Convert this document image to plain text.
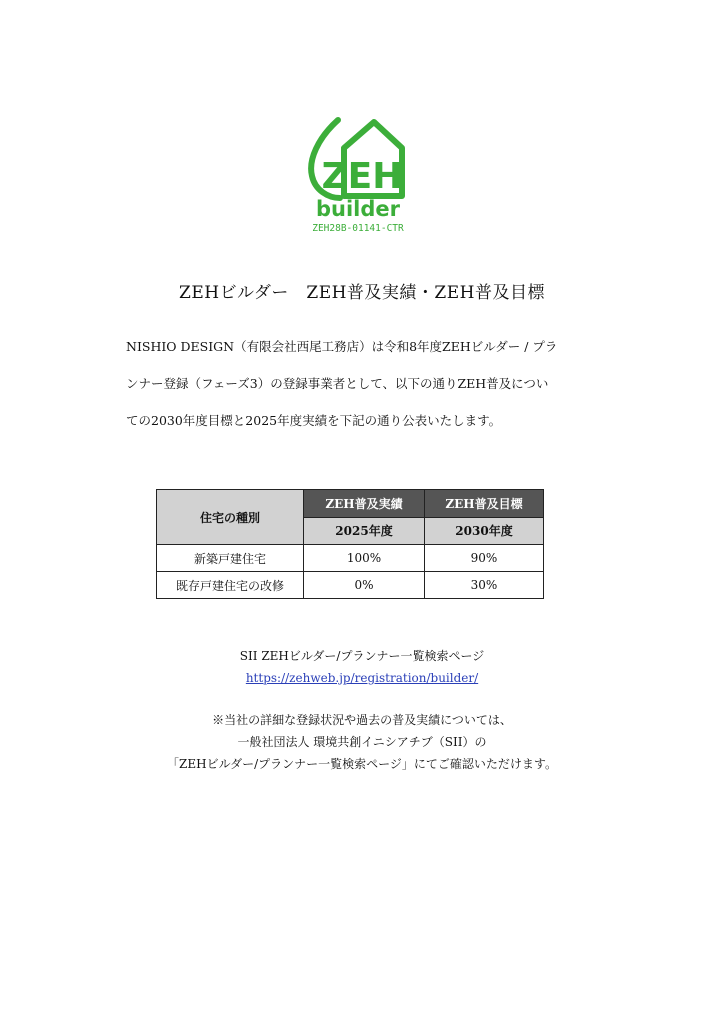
ZEH
builder
ZEH28B-01141-CTR
ZEHビルダー　ZEH普及実績・ZEH普及目標

NISHIO DESIGN（有限会社西尾工務店）は令和8年度ZEHビルダー / プラ

ンナー登録（フェーズ3）の登録事業者として、以下の通りZEH普及につい

ての2030年度目標と2025年度実績を下記の通り公表いたします。

住宅の種別	ZEH普及実績	ZEH普及目標
	2025年度	2030年度
新築戸建住宅	100%	90%
既存戸建住宅の改修	0%	30%
SII ZEHビルダー/プランナー一覧検索ページ
https://zehweb.jp/registration/builder/
※当社の詳細な登録状況や過去の普及実績については、
一般社団法人 環境共創イニシアチブ（SII）の
「ZEHビルダー/プランナー一覧検索ページ」にてご確認いただけます。
